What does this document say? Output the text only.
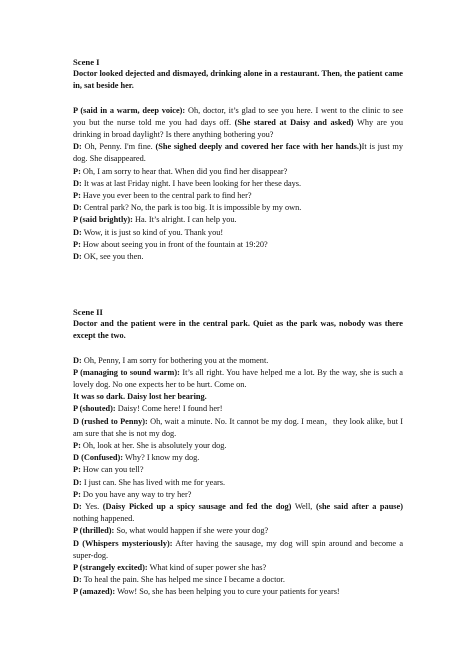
Scene I
Doctor looked dejected and dismayed, drinking alone in a restaurant. Then, the patient came in, sat beside her.
P (said in a warm, deep voice): Oh, doctor, it’s glad to see you here. I went to the clinic to see you but the nurse told me you had days off. (She stared at Daisy and asked) Why are you drinking in broad daylight? Is there anything bothering you?
D: Oh, Penny. I'm fine. (She sighed deeply and covered her face with her hands.)It is just my dog. She disappeared.
P: Oh, I am sorry to hear that. When did you find her disappear?
D: It was at last Friday night. I have been looking for her these days.
P: Have you ever been to the central park to find her?
D: Central park? No, the park is too big. It is impossible by my own.
P (said brightly): Ha. It’s alright. I can help you.
D: Wow, it is just so kind of you. Thank you!
P: How about seeing you in front of the fountain at 19:20?
D: OK, see you then.
Scene II
Doctor and the patient were in the central park. Quiet as the park was, nobody was there except the two.
D: Oh, Penny, I am sorry for bothering you at the moment.
P (managing to sound warm): It’s all right. You have helped me a lot. By the way, she is such a lovely dog. No one expects her to be hurt. Come on.
It was so dark. Daisy lost her bearing.
P (shouted): Daisy! Come here! I found her!
D (rushed to Penny): Oh, wait a minute. No. It cannot be my dog. I mean，they look alike, but I am sure that she is not my dog.
P: Oh, look at her. She is absolutely your dog.
D (Confused): Why? I know my dog.
P: How can you tell?
D: I just can. She has lived with me for years.
P: Do you have any way to try her?
D: Yes. (Daisy Picked up a spicy sausage and fed the dog) Well, (she said after a pause) nothing happened.
P (thrilled): So, what would happen if she were your dog?
D (Whispers mysteriously): After having the sausage, my dog will spin around and become a super-dog.
P (strangely excited): What kind of super power she has?
D: To heal the pain. She has helped me since I became a doctor.
P (amazed): Wow! So, she has been helping you to cure your patients for years!
